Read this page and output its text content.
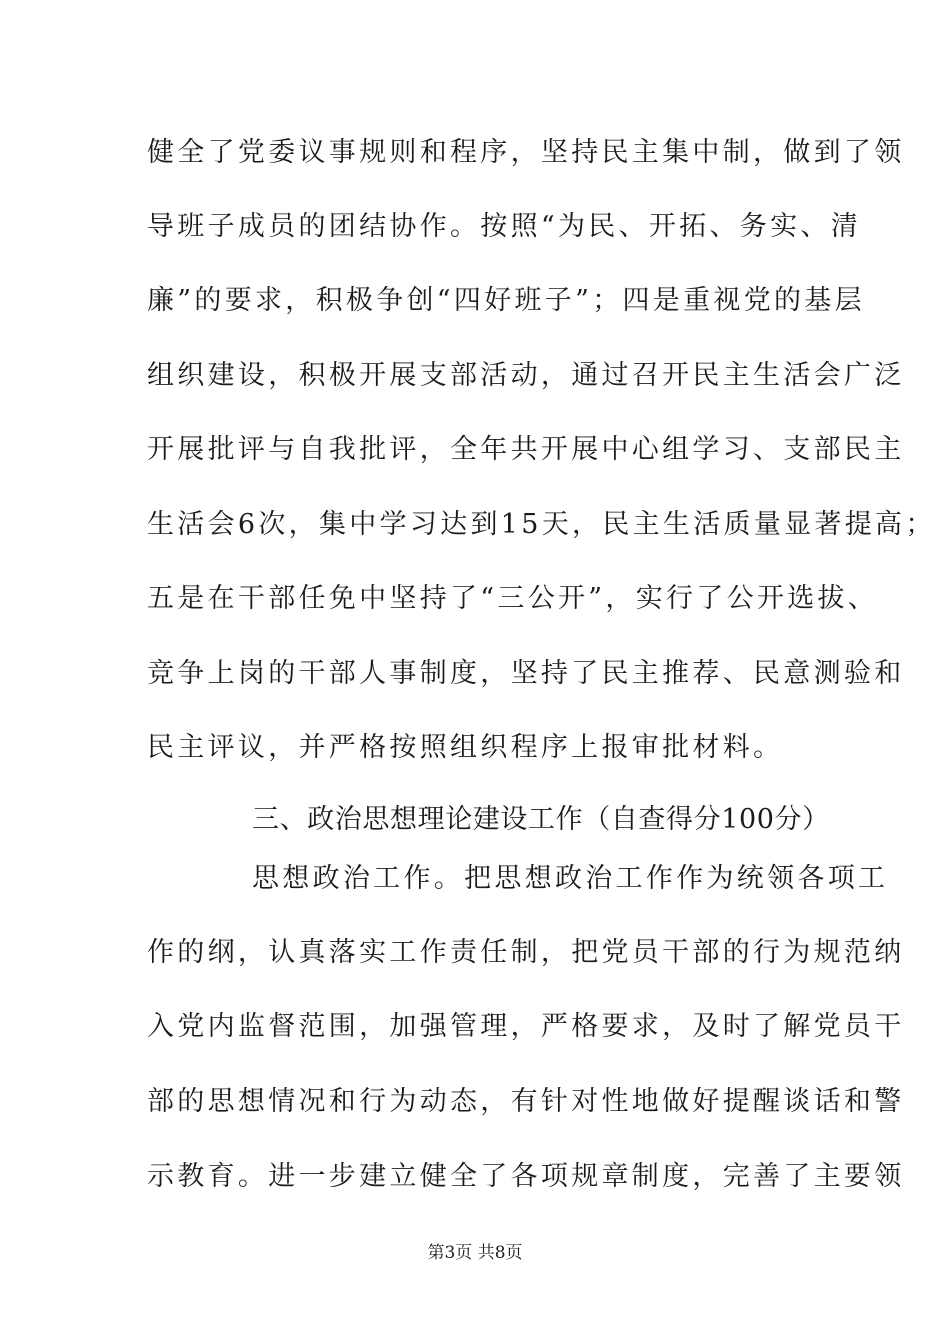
健全了党委议事规则和程序，坚持民主集中制，做到了领
导班子成员的团结协作。按照“为民、开拓、务实、清
廉”的要求，积极争创“四好班子”；四是重视党的基层
组织建设，积极开展支部活动，通过召开民主生活会广泛
开展批评与自我批评，全年共开展中心组学习、支部民主
生活会6次，集中学习达到15天，民主生活质量显著提高；
五是在干部任免中坚持了“三公开”，实行了公开选拔、
竞争上岗的干部人事制度，坚持了民主推荐、民意测验和
民主评议，并严格按照组织程序上报审批材料。
三、政治思想理论建设工作（自查得分100分）
思想政治工作。把思想政治工作作为统领各项工
作的纲，认真落实工作责任制，把党员干部的行为规范纳
入党内监督范围，加强管理，严格要求，及时了解党员干
部的思想情况和行为动态，有针对性地做好提醒谈话和警
示教育。进一步建立健全了各项规章制度，完善了主要领
第3页 共8页
